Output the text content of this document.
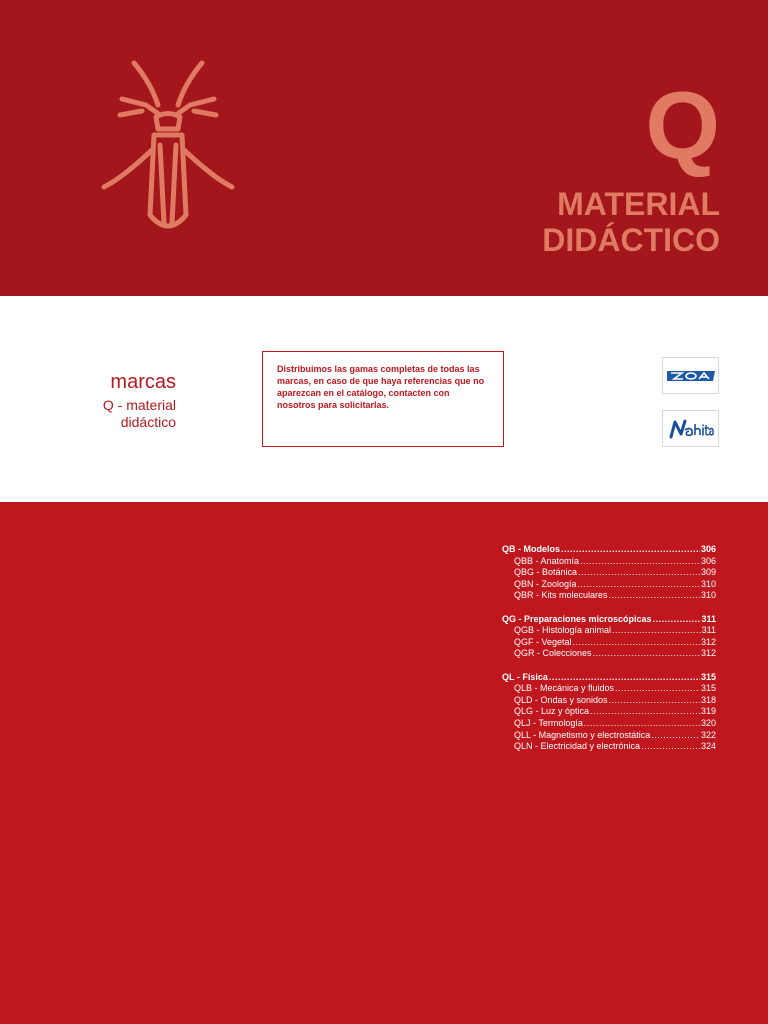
Q

MATERIAL
DIDÁCTICO
marcas
Q - material
didáctico
Distribuimos las gamas completas de todas las marcas, en caso de que haya referencias que no aparezcan en el catálogo, contacten con nosotros para solicitarlas.
QB - Modelos .....	306
QBB - Anatomía .....	306
QBG - Botánica .....	309
QBN - Zoología .....	310
QBR - Kits moleculares .....	310
QG - Preparaciones microscópicas .....	311
QGB - Histología animal .....	311
QGF - Vegetal .....	312
QGR - Colecciones .....	312
QL - Física .....	315
QLB - Mecánica y fluidos .....	315
QLD - Ondas y sonidos .....	318
QLG - Luz y óptica .....	319
QLJ - Termología .....	320
QLL - Magnetismo y electrostática .....	322
QLN - Electricidad y electrónica .....	324
